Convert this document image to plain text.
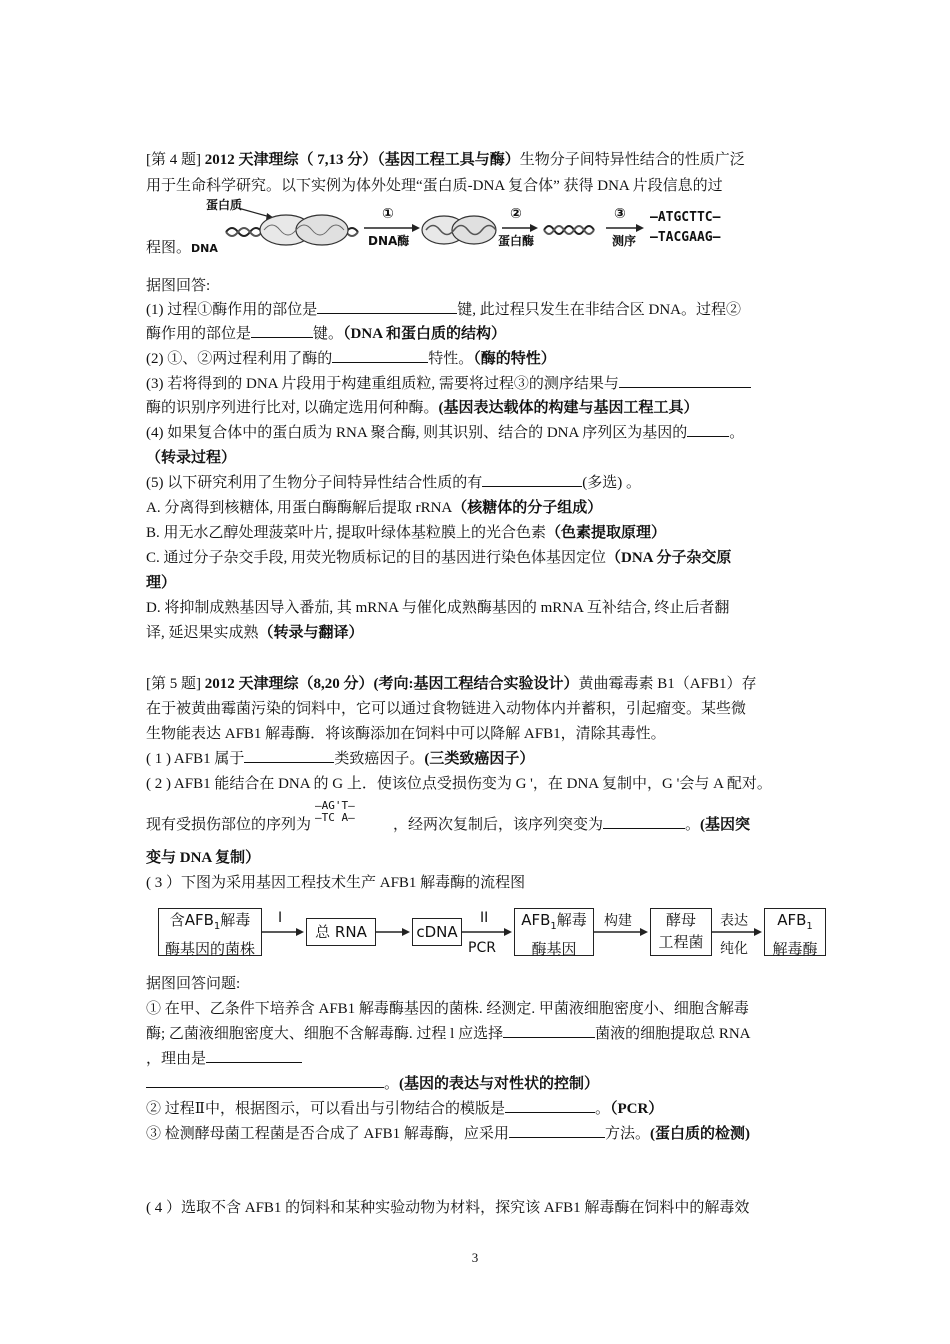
[第 4 题] 2012 天津理综（ 7,13 分）（基因工程工具与酶）生物分子间特异性结合的性质广泛
用于生命科学研究。以下实例为体外处理“蛋白质-DNA 复合体” 获得 DNA 片段信息的过
程图。DNA
蛋白质
①
DNA酶
②
蛋白酶
③
测序
—ATGCTTC—
—TACGAAG—
据图回答:
(1) 过程①酶作用的部位是	键, 此过程只发生在非结合区 DNA。过程②
酶作用的部位是	键。（DNA 和蛋白质的结构）
(2) ①、②两过程利用了酶的	特性。（酶的特性）
(3) 若将得到的 DNA 片段用于构建重组质粒, 需要将过程③的测序结果与
酶的识别序列进行比对, 以确定选用何种酶。(基因表达载体的构建与基因工程工具）
(4) 如果复合体中的蛋白质为 RNA 聚合酶, 则其识别、结合的 DNA 序列区为基因的	。
（转录过程）
(5) 以下研究利用了生物分子间特异性结合性质的有	(多选) 。
A. 分离得到核糖体, 用蛋白酶酶解后提取 rRNA（核糖体的分子组成）
B. 用无水乙醇处理菠菜叶片, 提取叶绿体基粒膜上的光合色素（色素提取原理）
C. 通过分子杂交手段, 用荧光物质标记的目的基因进行染色体基因定位（DNA 分子杂交原
理）
D. 将抑制成熟基因导入番茄, 其 mRNA 与催化成熟酶基因的 mRNA 互补结合, 终止后者翻
译, 延迟果实成熟（转录与翻译）
[第 5 题] 2012 天津理综（8,20 分）(考向:基因工程结合实验设计）黄曲霉毒素 B1（AFB1）存
在于被黄曲霉菌污染的饲料中，它可以通过食物链进入动物体内并蓄积，引起瘤变。某些微
生物能表达 AFB1 解毒酶．将该酶添加在饲料中可以降解 AFB1，清除其毒性。
( 1 ) AFB1 属于	类致癌因子。(三类致癌因子）
( 2 ) AFB1 能结合在 DNA 的 G 上．使该位点受损伤变为 G '，在 DNA 复制中，G '会与 A 配对。
现有受损伤部位的序列为
—AG'T—
—TC A—	，经两次复制后，该序列突变为	。(基因突
变与 DNA 复制）
( 3 ）下图为采用基因工程技术生产 AFB1 解毒酶的流程图
含$AFB_1$解毒
酶基因的菌株
I
总 RNA	cDNA
II
PCR
$AFB_1$解毒
酶基因
构建	酵母
工程菌
表达
纯化
$AFB_1$
解毒酶
据图回答问题:
① 在甲、乙条件下培养含 AFB1 解毒酶基因的菌株. 经测定. 甲菌液细胞密度小、细胞含解毒
酶; 乙菌液细胞密度大、细胞不含解毒酶. 过程 l 应选择	菌液的细胞提取总 RNA
，理由是
。(基因的表达与对性状的控制）
② 过程Ⅱ中，根据图示，可以看出与引物结合的模版是	。（PCR）
③ 检测酵母菌工程菌是否合成了 AFB1 解毒酶，应采用	方法。(蛋白质的检测)
( 4 ）选取不含 AFB1 的饲料和某种实验动物为材料，探究该 AFB1 解毒酶在饲料中的解毒效
3
